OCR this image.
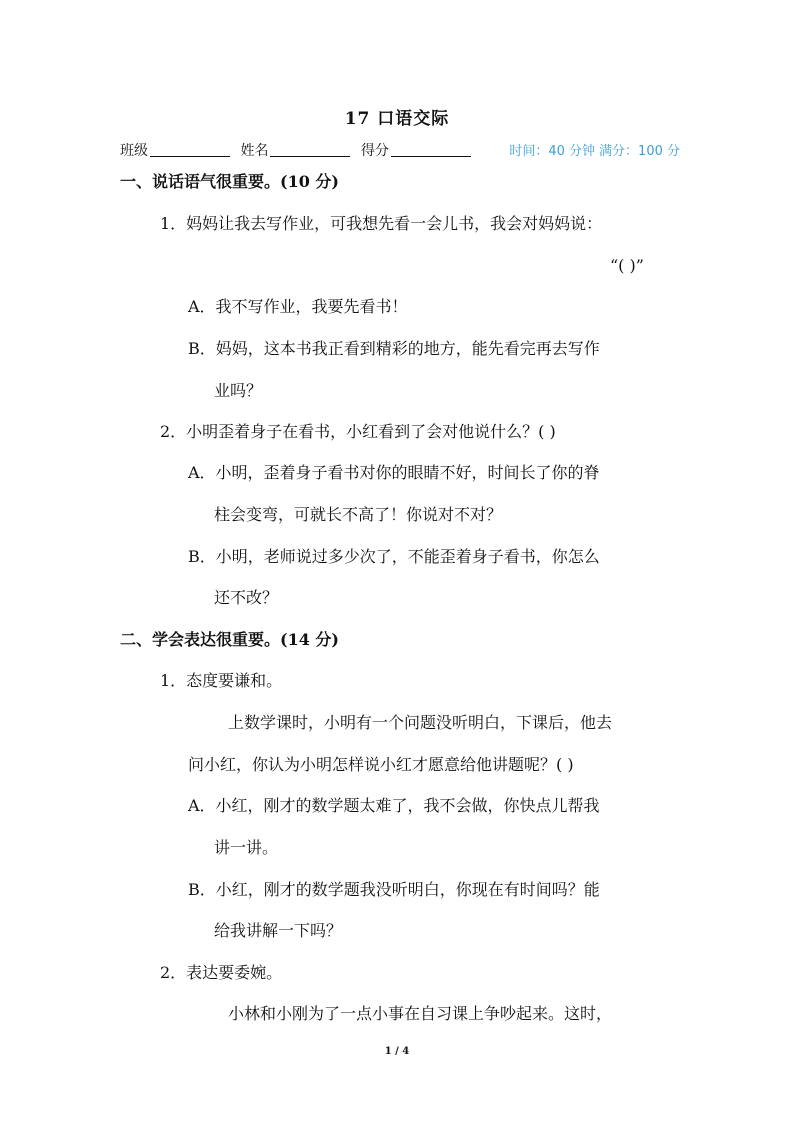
17 口语交际
班级	姓名	得分	时间：40 分钟 满分：100 分
一、说话语气很重要。(10 分)
1．妈妈让我去写作业，可我想先看一会儿书，我会对妈妈说：
“( )”
A．我不写作业，我要先看书！
B．妈妈，这本书我正看到精彩的地方，能先看完再去写作
业吗？
2．小明歪着身子在看书，小红看到了会对他说什么？( )
A．小明，歪着身子看书对你的眼睛不好，时间长了你的脊
柱会变弯，可就长不高了！你说对不对？
B．小明，老师说过多少次了，不能歪着身子看书，你怎么
还不改？
二、学会表达很重要。(14 分)
1．态度要谦和。
上数学课时，小明有一个问题没听明白，下课后，他去
问小红，你认为小明怎样说小红才愿意给他讲题呢？( )
A．小红，刚才的数学题太难了，我不会做，你快点儿帮我
讲一讲。
B．小红，刚才的数学题我没听明白，你现在有时间吗？能
给我讲解一下吗？
2．表达要委婉。
小林和小刚为了一点小事在自习课上争吵起来。这时，
1 / 4
